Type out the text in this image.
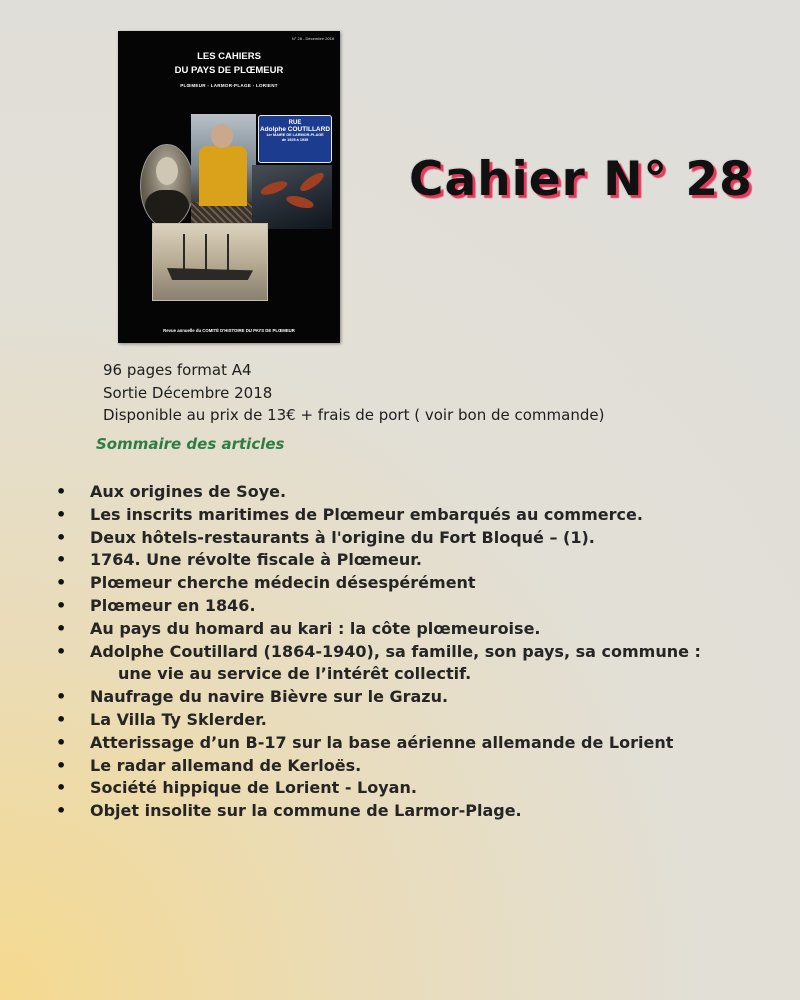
N° 28 - Décembre 2018
LES CAHIERS
DU PAYS DE PLŒMEUR
PLŒMEUR - LARMOR-PLAGE - LORIENT
RUE
Adolphe COUTILLARD
1er MAIRE DE LARMOR-PLAGE
de 1925 à 1935
Revue annuelle du COMITÉ D'HISTOIRE DU PAYS DE PLŒMEUR
Cahier N° 28
96 pages format A4
Sortie Décembre 2018
Disponible au prix de 13€ + frais de port ( voir bon de commande)
Sommaire des articles
• Aux origines de Soye.
• Les inscrits maritimes de Plœmeur embarqués au commerce.
• Deux hôtels-restaurants à l'origine du Fort Bloqué – (1).
• 1764. Une révolte fiscale à Plœmeur.
• Plœmeur cherche médecin désespérément
• Plœmeur en 1846.
• Au pays du homard au kari : la côte plœmeuroise.
• Adolphe Coutillard (1864-1940), sa famille, son pays, sa commune :
une vie au service de l’intérêt collectif.
• Naufrage du navire Bièvre sur le Grazu.
• La Villa Ty Sklerder.
• Atterissage d’un B-17 sur la base aérienne allemande de Lorient
• Le radar allemand de Kerloës.
• Société hippique de Lorient - Loyan.
• Objet insolite sur la commune de Larmor-Plage.
